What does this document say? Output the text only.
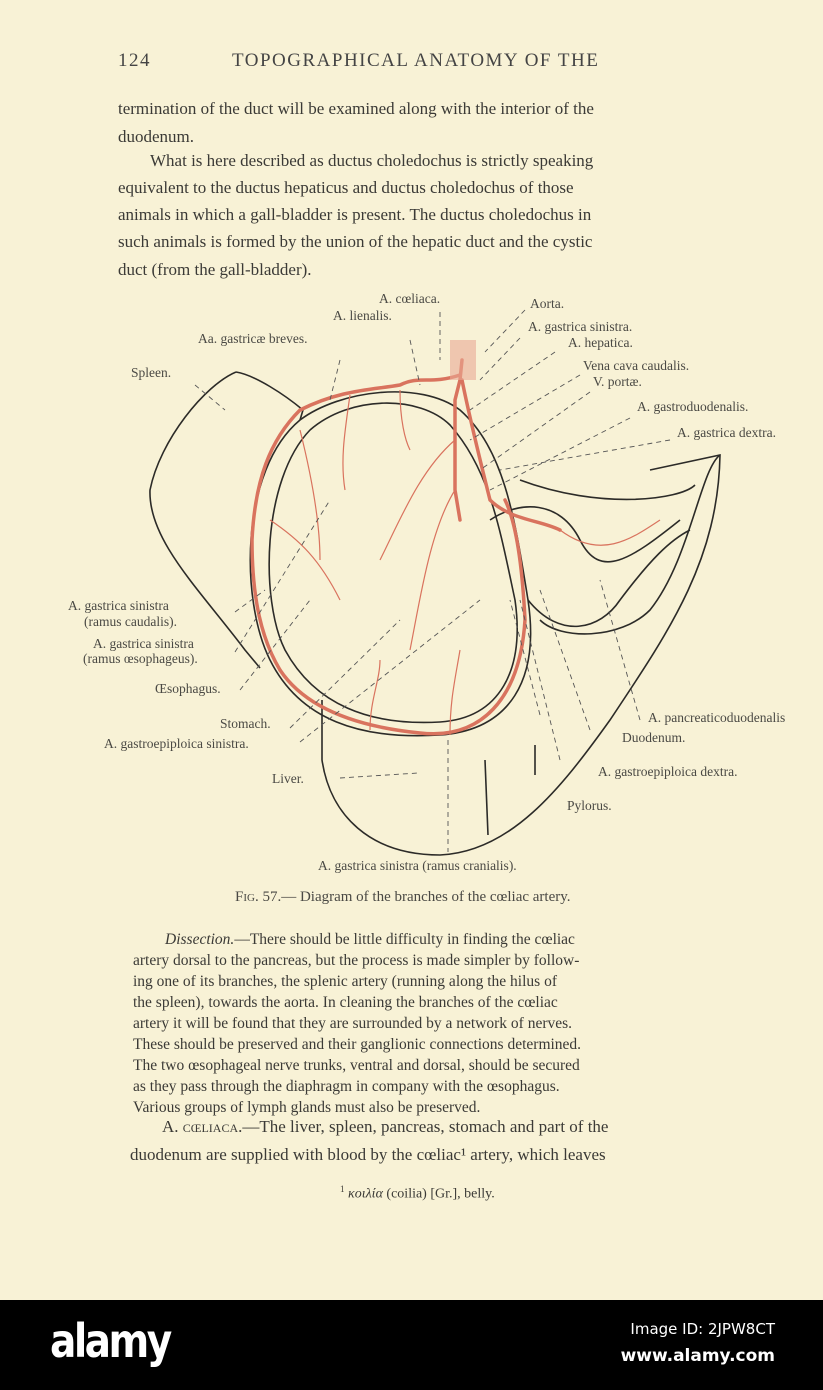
124	TOPOGRAPHICAL ANATOMY OF THE
termination of the duct will be examined along with the interior of the
duodenum.
What is here described as ductus choledochus is strictly speaking
equivalent to the ductus hepaticus and ductus choledochus of those
animals in which a gall-bladder is present. The ductus choledochus in
such animals is formed by the union of the hepatic duct and the cystic
duct (from the gall-bladder).
A. cœliaca.
A. lienalis.
Aa. gastricæ breves.
Spleen.
Aorta.
A. gastrica sinistra.
A. hepatica.
Vena cava caudalis.
V. portæ.
A. gastroduodenalis.
A. gastrica dextra.
A. gastrica sinistra
(ramus caudalis).
A. gastrica sinistra
(ramus œsophageus).
Œsophagus.
Stomach.
A. gastroepiploica sinistra.
Liver.
A. pancreaticoduodenalis
Duodenum.
A. gastroepiploica dextra.
Pylorus.
A. gastrica sinistra (ramus cranialis).
Fig. 57.— Diagram of the branches of the cœliac artery.
Dissection.—There should be little difficulty in finding the cœliac
artery dorsal to the pancreas, but the process is made simpler by follow-
ing one of its branches, the splenic artery (running along the hilus of
the spleen), towards the aorta. In cleaning the branches of the cœliac
artery it will be found that they are surrounded by a network of nerves.
These should be preserved and their ganglionic connections determined.
The two œsophageal nerve trunks, ventral and dorsal, should be secured
as they pass through the diaphragm in company with the œsophagus.
Various groups of lymph glands must also be preserved.
A. cœliaca.—The liver, spleen, pancreas, stomach and part of the
duodenum are supplied with blood by the cœliac¹ artery, which leaves
$^1$ κοιλία (coilia) [Gr.], belly.
alamy	Image ID: 2JPW8CT
www.alamy.com
